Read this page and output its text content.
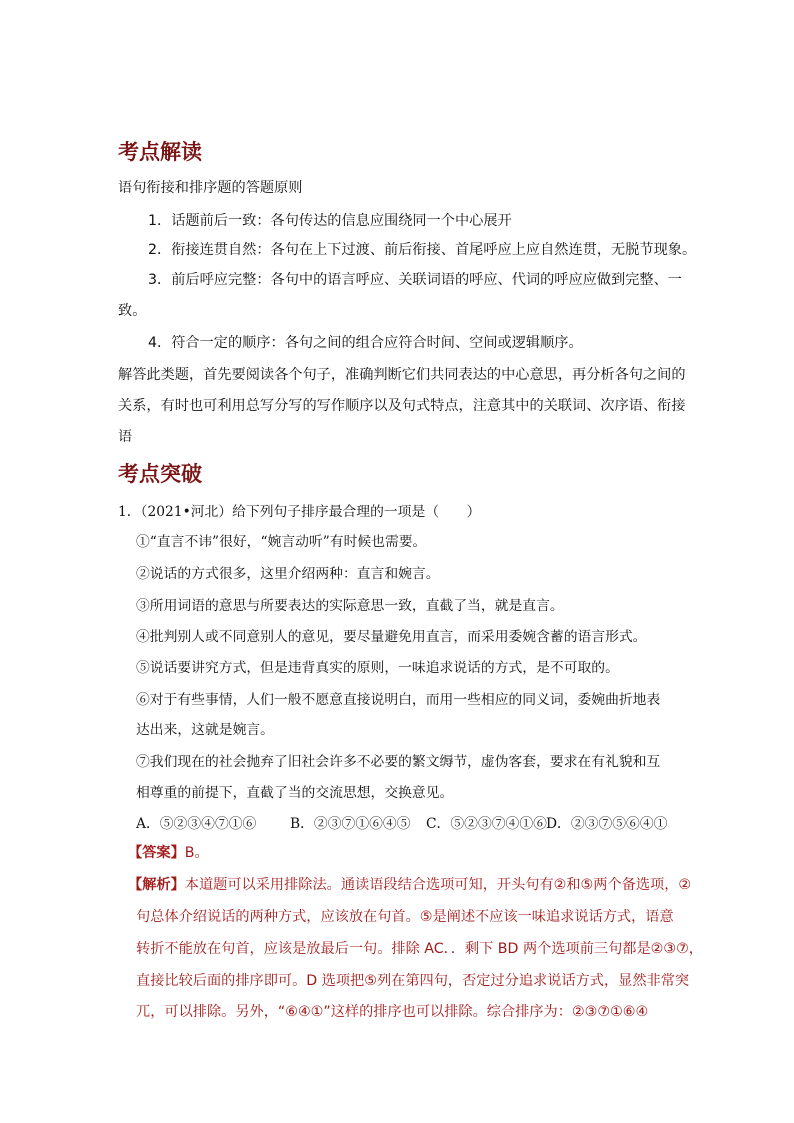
考点解读
语句衔接和排序题的答题原则
1．话题前后一致：各句传达的信息应围绕同一个中心展开
2．衔接连贯自然：各句在上下过渡、前后衔接、首尾呼应上应自然连贯，无脱节现象。
3．前后呼应完整：各句中的语言呼应、关联词语的呼应、代词的呼应应做到完整、一
致。
4．符合一定的顺序：各句之间的组合应符合时间、空间或逻辑顺序。
解答此类题，首先要阅读各个句子，准确判断它们共同表达的中心意思，再分析各句之间的
关系，有时也可利用总写分写的写作顺序以及句式特点，注意其中的关联词、次序语、衔接
语
考点突破
1．（2021•河北）给下列句子排序最合理的一项是（　　）
①“直言不讳”很好，“婉言动听”有时候也需要。
②说话的方式很多，这里介绍两种：直言和婉言。
③所用词语的意思与所要表达的实际意思一致，直截了当，就是直言。
④批判别人或不同意别人的意见，要尽量避免用直言，而采用委婉含蓄的语言形式。
⑤说话要讲究方式，但是违背真实的原则，一味追求说话的方式，是不可取的。
⑥对于有些事情，人们一般不愿意直接说明白，而用一些相应的同义词，委婉曲折地表
达出来，这就是婉言。
⑦我们现在的社会抛弃了旧社会许多不必要的繁文缛节，虚伪客套，要求在有礼貌和互
相尊重的前提下，直截了当的交流思想，交换意见。
A．⑤②③④⑦①⑥ B．②③⑦①⑥④⑤ C．⑤②③⑦④①⑥ D．②③⑦⑤⑥④①
【答案】B。
【解析】本道题可以采用排除法。通读语段结合选项可知，开头句有②和⑤两个备选项，②
句总体介绍说话的两种方式，应该放在句首。⑤是阐述不应该一味追求说话方式，语意
转折不能放在句首，应该是放最后一句。排除 AC．．剩下 BD 两个选项前三句都是②③⑦，
直接比较后面的排序即可。D 选项把⑤列在第四句，否定过分追求说话方式，显然非常突
兀，可以排除。另外，“⑥④①”这样的排序也可以排除。综合排序为：②③⑦①⑥④
